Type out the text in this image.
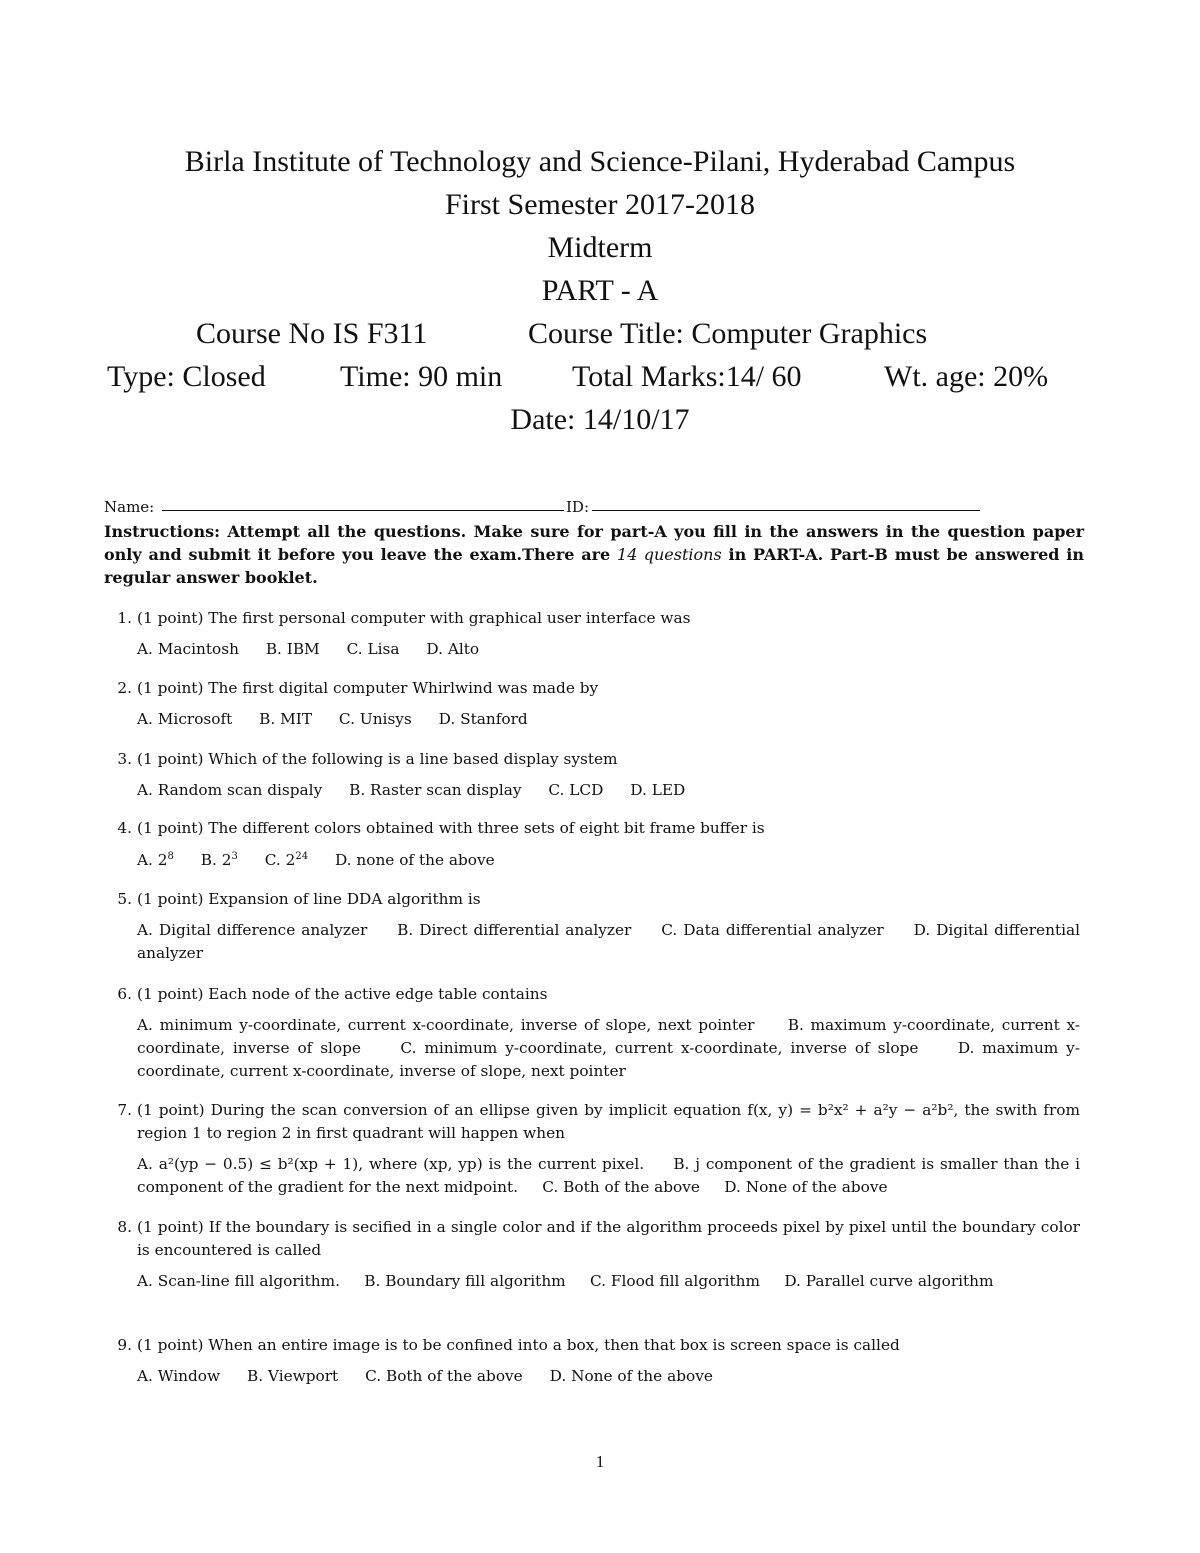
Birla Institute of Technology and Science-Pilani, Hyderabad Campus
First Semester 2017-2018
Midterm
PART - A
Course No IS F311	Course Title: Computer Graphics
Type: Closed Time: 90 min Total Marks:14/ 60	Wt. age: 20%
Date: 14/10/17
Name:	ID:
Instructions: Attempt all the questions. Make sure for part-A you fill in the answers in the question paper only and submit it before you leave the exam.There are 14 questions in PART-A. Part-B must be answered in regular answer booklet.
1. (1 point) The first personal computer with graphical user interface was
A. Macintosh B. IBM C. Lisa D. Alto
2. (1 point) The first digital computer Whirlwind was made by
A. Microsoft B. MIT C. Unisys D. Stanford
3. (1 point) Which of the following is a line based display system
A. Random scan dispaly B. Raster scan display C. LCD D. LED
4. (1 point) The different colors obtained with three sets of eight bit frame buffer is
A. $2^8$ B. $2^3$ C. $2^{24}$ D. none of the above
5. (1 point) Expansion of line DDA algorithm is
A. Digital difference analyzer     B. Direct differential analyzer     C. Data differential analyzer     D. Digital differential analyzer
6. (1 point) Each node of the active edge table contains
A. minimum y-coordinate, current x-coordinate, inverse of slope, next pointer     B. maximum y-coordinate, current x-coordinate, inverse of slope     C. minimum y-coordinate, current x-coordinate, inverse of slope     D. maximum y-coordinate, current x-coordinate, inverse of slope, next pointer
7. (1 point) During the scan conversion of an ellipse given by implicit equation f(x, y) = b²x² + a²y − a²b², the swith from region 1 to region 2 in first quadrant will happen when
A. a²(yp − 0.5) ≤ b²(xp + 1), where (xp, yp) is the current pixel.     B. j component of the gradient is smaller than the i component of the gradient for the next midpoint.     C. Both of the above     D. None of the above
8. (1 point) If the boundary is secified in a single color and if the algorithm proceeds pixel by pixel until the boundary color is encountered is called
A. Scan-line fill algorithm.     B. Boundary fill algorithm     C. Flood fill algorithm     D. Parallel curve algorithm
9. (1 point) When an entire image is to be confined into a box, then that box is screen space is called
A. Window B. Viewport C. Both of the above D. None of the above
1
